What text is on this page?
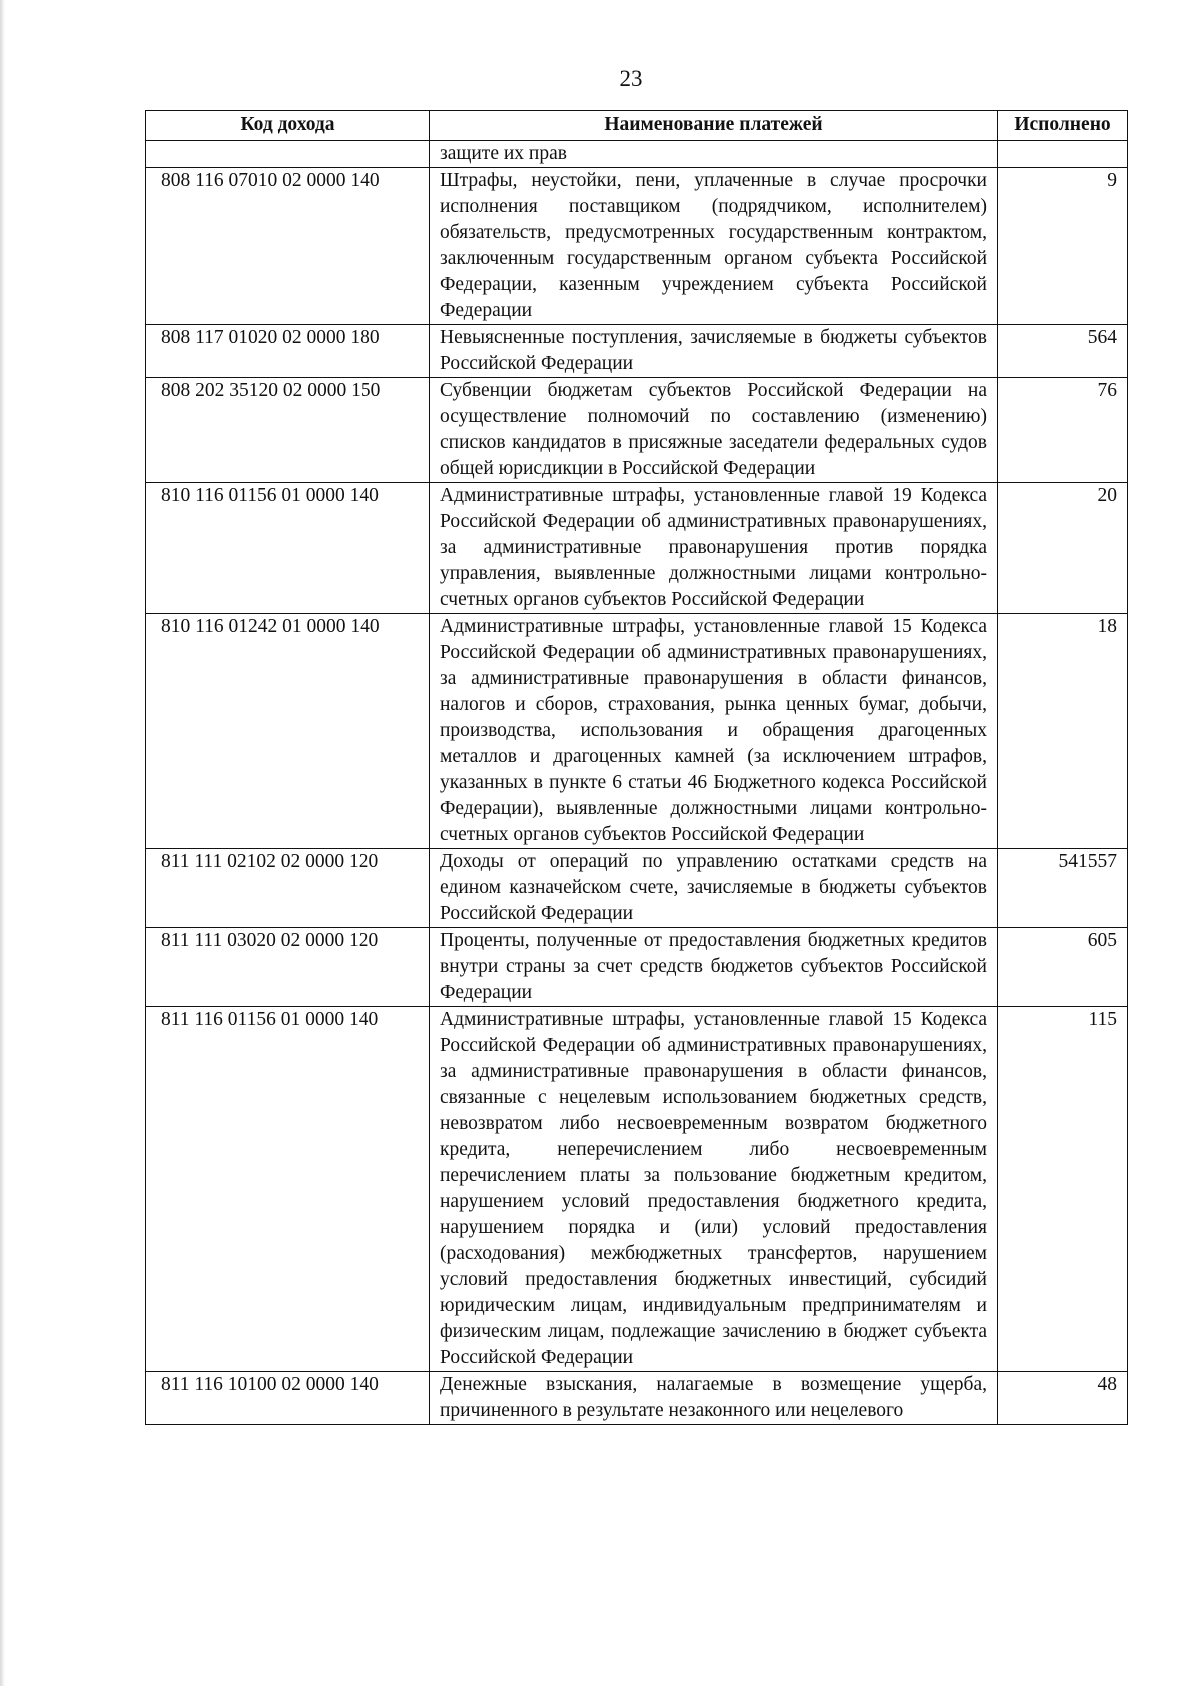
23
Код дохода	Наименование платежей	Исполнено
	защите их прав	
808 116 07010 02 0000 140	Штрафы, неустойки, пени, уплаченные в случае просрочки исполнения поставщиком (подрядчиком, исполнителем) обязательств, предусмотренных государственным контрактом, заключенным государственным органом субъекта Российской Федерации, казенным учреждением субъекта Российской Федерации	9
808 117 01020 02 0000 180	Невыясненные поступления, зачисляемые в бюджеты субъектов Российской Федерации	564
808 202 35120 02 0000 150	Субвенции бюджетам субъектов Российской Федерации на осуществление полномочий по составлению (изменению) списков кандидатов в присяжные заседатели федеральных судов общей юрисдикции в Российской Федерации	76
810 116 01156 01 0000 140	Административные штрафы, установленные главой 19 Кодекса Российской Федерации об административных правонарушениях, за административные правонарушения против порядка управления, выявленные должностными лицами контрольно-счетных органов субъектов Российской Федерации	20
810 116 01242 01 0000 140	Административные штрафы, установленные главой 15 Кодекса Российской Федерации об административных правонарушениях, за административные правонарушения в области финансов, налогов и сборов, страхования, рынка ценных бумаг, добычи, производства, использования и обращения драгоценных металлов и драгоценных камней (за исключением штрафов, указанных в пункте 6 статьи 46 Бюджетного кодекса Российской Федерации), выявленные должностными лицами контрольно-счетных органов субъектов Российской Федерации	18
811 111 02102 02 0000 120	Доходы от операций по управлению остатками средств на едином казначейском счете, зачисляемые в бюджеты субъектов Российской Федерации	541557
811 111 03020 02 0000 120	Проценты, полученные от предоставления бюджетных кредитов внутри страны за счет средств бюджетов субъектов Российской Федерации	605
811 116 01156 01 0000 140	Административные штрафы, установленные главой 15 Кодекса Российской Федерации об административных правонарушениях, за административные правонарушения в области финансов, связанные с нецелевым использованием бюджетных средств, невозвратом либо несвоевременным возвратом бюджетного кредита, неперечислением либо несвоевременным перечислением платы за пользование бюджетным кредитом, нарушением условий предоставления бюджетного кредита, нарушением порядка и (или) условий предоставления (расходования) межбюджетных трансфертов, нарушением условий предоставления бюджетных инвестиций, субсидий юридическим лицам, индивидуальным предпринимателям и физическим лицам, подлежащие зачислению в бюджет субъекта Российской Федерации	115
811 116 10100 02 0000 140	Денежные взыскания, налагаемые в возмещение ущерба, причиненного в результате незаконного или нецелевого	48
